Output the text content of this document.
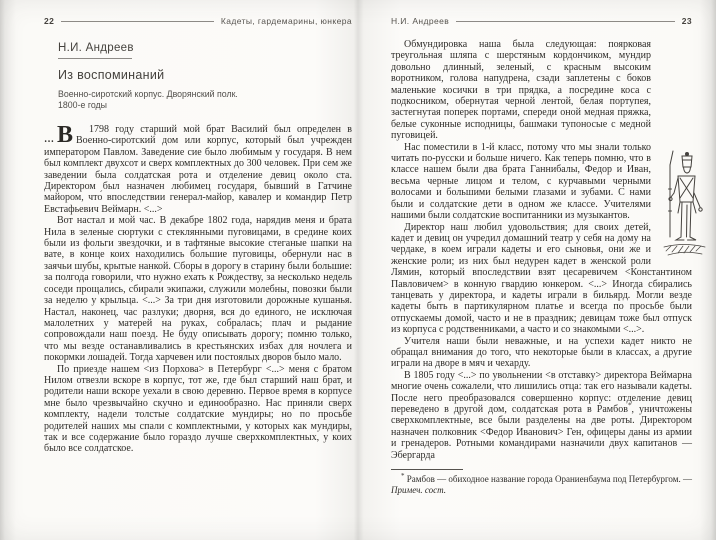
22	Кадеты, гардемарины, юнкера
Н.И. Андреев
Из воспоминаний
Военно-сиротский корпус. Дворянский полк.
1800-е годы

… В 1798 году старший мой брат Василий был определен в Военно-сиротский дом или корпус, который был учрежден императором Павлом. Заведение сие было любимым у государя. В нем был комплект двухсот и сверх комплектных до 300 человек. При сем же заведении была солдатская рота и отделение девиц около ста. Директором был назначен любимец государя, бывший в Гатчине майором, что́ впоследствии генерал-майор, кавалер и командир Петр Евстафьевич Веймарн. <...>

Вот настал и мой час. В декабре 1802 года, нарядив меня и брата Нила в зеленые сюртуки с стеклянными пуговицами, в средине коих были из фольги звездочки, и в тафтяные высокие стеганые шапки на вате, в конце коих находились большие пуговицы, обернули нас в заячьи шубы, крытые нанкой. Сборы в дорогу в старину были большие: за полгода говорили, что нужно ехать к Рождеству, за несколько недель соседи прощались, сбирали экипажи, служили молебны, повозки были за неделю у крыльца. <...> За три дня изготовили дорожные кушанья. Настал, наконец, час разлуки; дворня, вся до единого, не исключая малолетних у матерей на руках, собралась; плач и рыдание сопровождали наш поезд. Не буду описывать дорогу; помню только, что мы везде останавливались в крестьянских избах для ночлега и покормки лошадей. Тогда харчевен или постоялых дворов было мало.

По приезде нашем <из Порхова> в Петербург <...> меня с братом Нилом отвезли вскоре в корпус, тот же, где был старший наш брат, и родители наши вскоре уехали в свою деревню. Первое время в корпусе мне было чрезвычайно скучно и единообразно. Нас приняли сверх комплекту, надели толстые солдатские мундиры; но по просьбе родителей наших мы спали с комплектными, у которых как мундиры, так и все содержание было гораздо лучше сверхкомплектных, у коих было все солдатское.

Н.И. Андреев	23

Обмундировка наша была следующая: поярковая треугольная шляпа с шерстяным кордончиком, мундир довольно длинный, зеленый, с красным высоким воротником, голова напудрена, сзади заплетены с боков маленькие косички в три прядка, а посредине коса с подкосником, обернутая черной лентой, белая портупея, застегнутая поперек портами, спереди оной медная пряжка, белые суконные исподницы, башмаки тупоносые с медной пуговицей.

Нас поместили в 1-й класс, потому что мы знали только читать по-русски и больше ничего. Как теперь помню, что в классе нашем были два брата Ганнибалы, Федор и Иван, весьма черные лицом и телом, с курчавыми черными волосами и большими белыми глазами и зубами. С нами были и солдатские дети в одном же классе. Учителями нашими были солдатские воспитанники из музыкантов.

Директор наш любил удовольствия; для своих детей, кадет и девиц он учредил домашний театр у себя на дому на чердаке, в коем играли кадеты и его сыновья, они же и женские роли; из них был недурен кадет в женской роли Лямин, который впоследствии взят цесаревичем <Константином Павловичем> в конную гвардию юнкером. <...> Иногда сбирались танцевать у директора, и кадеты играли в бильярд. Могли везде кадеты быть в партикулярном платье и всегда по просьбе были отпускаемы домой, часто и не в праздник; девицам тоже был отпуск из корпуса с родственниками, а часто и со знакомыми <...>.

Учителя наши были неважные, и на успехи кадет никто не обращал внимания до того, что некоторые были в классах, а другие играли на дворе в мяч и чехарду.

В 1805 году <...> по увольнении <в отставку> директора Веймарна многие очень сожалели, что лишились отца: так его называли кадеты. После него преобразовался совершенно корпус: отделение девиц переведено в другой дом, солдатская рота в Рамбов*, уничтожены сверхкомплектные, все были разделены на две роты. Директором назначен полковник <Федор Иванович> Ген, офицеры даны из армии и гренадеров. Ротными командирами назначили двух капитанов — Эбергарда

* Рамбов — обиходное название города Ораниенбаума под Петербургом. — Примеч. сост.
